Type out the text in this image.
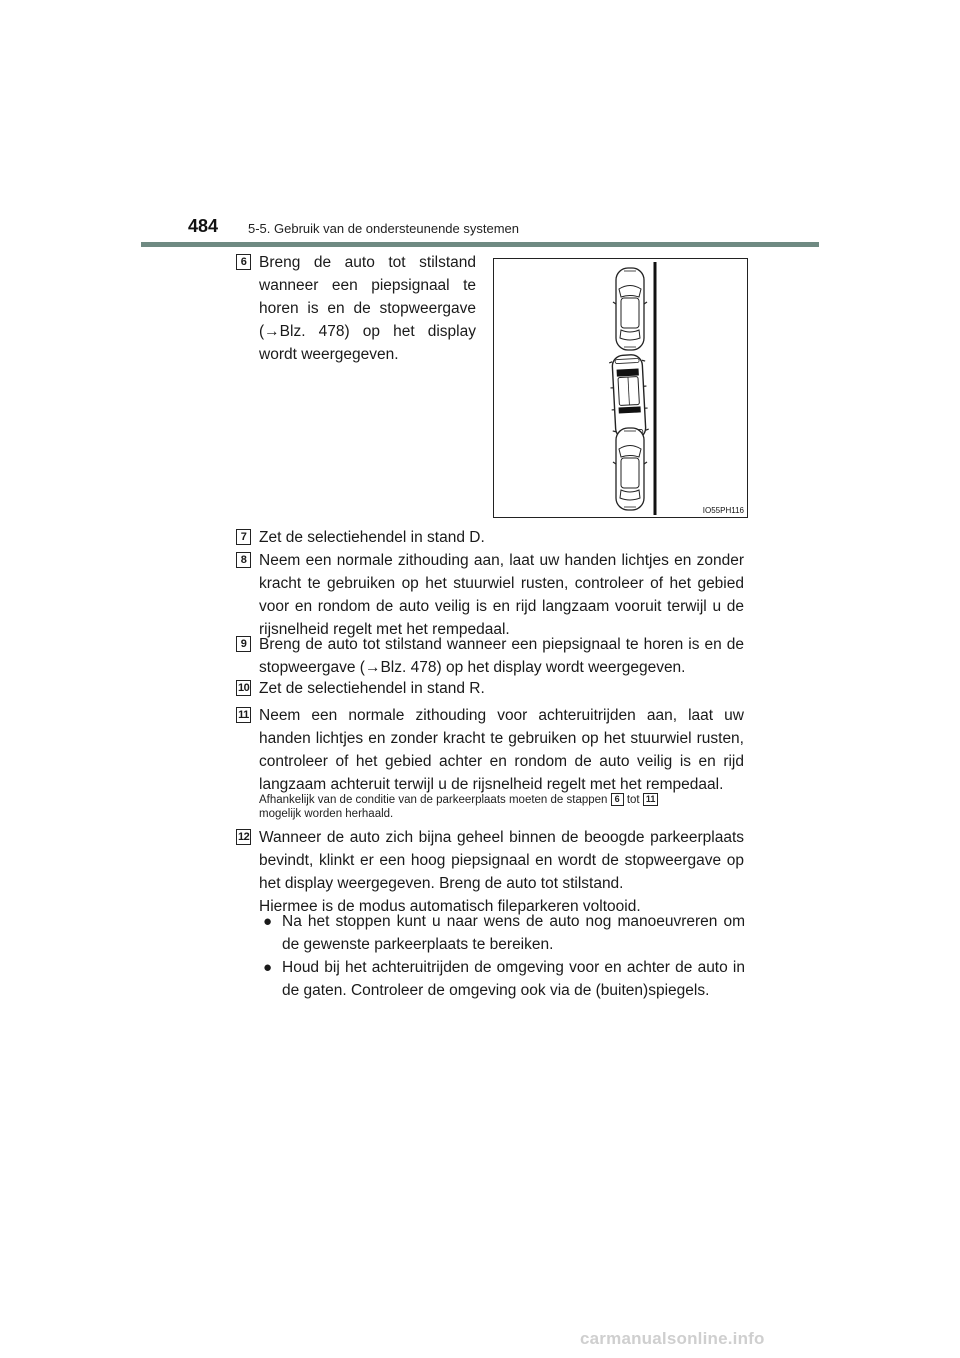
484 5-5. Gebruik van de ondersteunende systemen
6 Breng de auto tot stilstand wanneer een piepsignaal te horen is en de stopweergave (→Blz. 478) op het display wordt weergegeven.
IO55PH116
7 Zet de selectiehendel in stand D.
8 Neem een normale zithouding aan, laat uw handen lichtjes en zonder kracht te gebruiken op het stuurwiel rusten, controleer of het gebied voor en rondom de auto veilig is en rijd langzaam vooruit terwijl u de rijsnelheid regelt met het rempedaal.
9 Breng de auto tot stilstand wanneer een piepsignaal te horen is en de stopweergave (→Blz. 478) op het display wordt weergegeven.
10 Zet de selectiehendel in stand R.
11 Neem een normale zithouding voor achteruitrijden aan, laat uw handen lichtjes en zonder kracht te gebruiken op het stuurwiel rusten, controleer of het gebied achter en rondom de auto veilig is en rijd langzaam achteruit terwijl u de rijsnelheid regelt met het rempedaal.
Afhankelijk van de conditie van de parkeerplaats moeten de stappen 6 tot 11
mogelijk worden herhaald.
12 Wanneer de auto zich bijna geheel binnen de beoogde parkeerplaats bevindt, klinkt er een hoog piepsignaal en wordt de stopweergave op het display weergegeven. Breng de auto tot stilstand.
Hiermee is de modus automatisch fileparkeren voltooid.
● Na het stoppen kunt u naar wens de auto nog manoeuvreren om de gewenste parkeerplaats te bereiken.
● Houd bij het achteruitrijden de omgeving voor en achter de auto in de gaten. Controleer de omgeving ook via de (buiten)spiegels.
carmanualsonline.info
